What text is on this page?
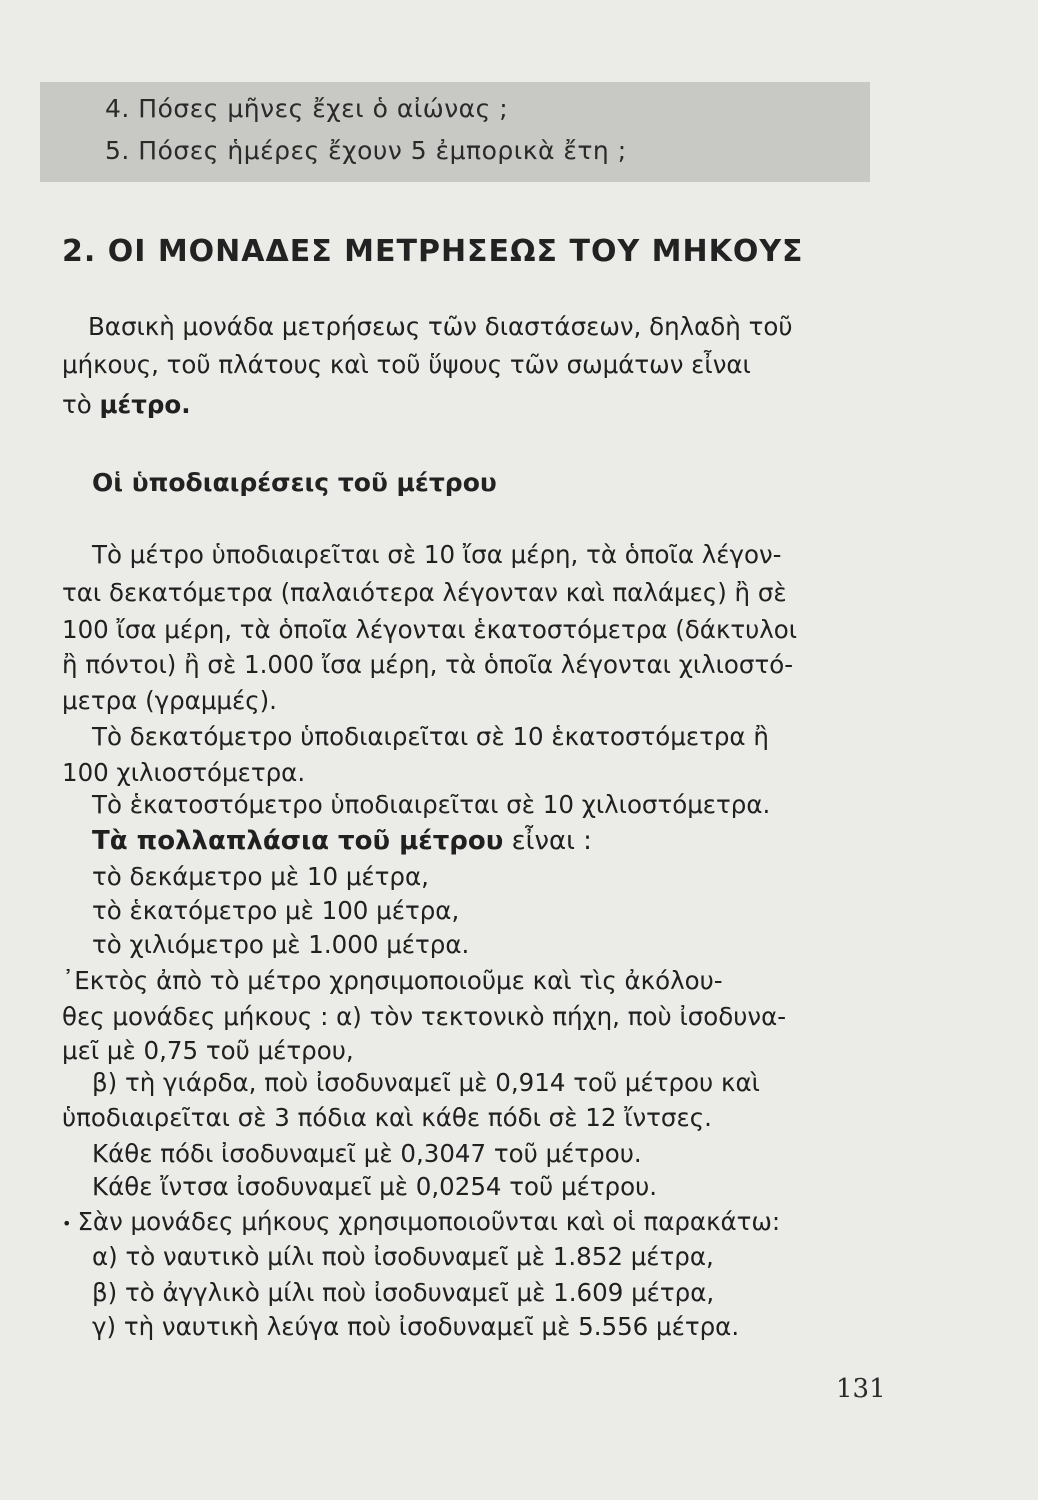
4. Πόσες μῆνες ἔχει ὁ αἰώνας ;
5. Πόσες ἡμέρες ἔχουν 5 ἐμπορικὰ ἔτη ;
2. ΟΙ ΜΟΝΑΔΕΣ ΜΕΤΡΗΣΕΩΣ ΤΟΥ ΜΗΚΟΥΣ
Βασικὴ μονάδα μετρήσεως τῶν διαστάσεων, δηλαδὴ τοῦ
μήκους, τοῦ πλάτους καὶ τοῦ ὕψους τῶν σωμάτων εἶναι
τὸ μέτρο.
Οἱ ὑποδιαιρέσεις τοῦ μέτρου
Τὸ μέτρο ὑποδιαιρεῖται σὲ 10 ἴσα μέρη, τὰ ὁποῖα λέγον-
ται δεκατόμετρα (παλαιότερα λέγονταν καὶ παλάμες) ἢ σὲ
100 ἴσα μέρη, τὰ ὁποῖα λέγονται ἑκατοστόμετρα (δάκτυλοι
ἢ πόντοι) ἢ σὲ 1.000 ἴσα μέρη, τὰ ὁποῖα λέγονται χιλιοστό-
μετρα (γραμμές).
Τὸ δεκατόμετρο ὑποδιαιρεῖται σὲ 10 ἑκατοστόμετρα ἢ
100 χιλιοστόμετρα.
Τὸ ἑκατοστόμετρο ὑποδιαιρεῖται σὲ 10 χιλιοστόμετρα.
Τὰ πολλαπλάσια τοῦ μέτρου εἶναι :
τὸ δεκάμετρο μὲ 10 μέτρα,
τὸ ἑκατόμετρο μὲ 100 μέτρα,
τὸ χιλιόμετρο μὲ 1.000 μέτρα.
᾿Εκτὸς ἀπὸ τὸ μέτρο χρησιμοποιοῦμε καὶ τὶς ἀκόλου-
θες μονάδες μήκους : α) τὸν τεκτονικὸ πήχη, ποὺ ἰσοδυνα-
μεῖ μὲ 0,75 τοῦ μέτρου,
β) τὴ γιάρδα, ποὺ ἰσοδυναμεῖ μὲ 0,914 τοῦ μέτρου καὶ
ὑποδιαιρεῖται σὲ 3 πόδια καὶ κάθε πόδι σὲ 12 ἴντσες.
Κάθε πόδι ἰσοδυναμεῖ μὲ 0,3047 τοῦ μέτρου.
Κάθε ἴντσα ἰσοδυναμεῖ μὲ 0,0254 τοῦ μέτρου.
• Σὰν μονάδες μήκους χρησιμοποιοῦνται καὶ οἱ παρακάτω:
α) τὸ ναυτικὸ μίλι ποὺ ἰσοδυναμεῖ μὲ 1.852 μέτρα,
β) τὸ ἀγγλικὸ μίλι ποὺ ἰσοδυναμεῖ μὲ 1.609 μέτρα,
γ) τὴ ναυτικὴ λεύγα ποὺ ἰσοδυναμεῖ μὲ 5.556 μέτρα.
131
